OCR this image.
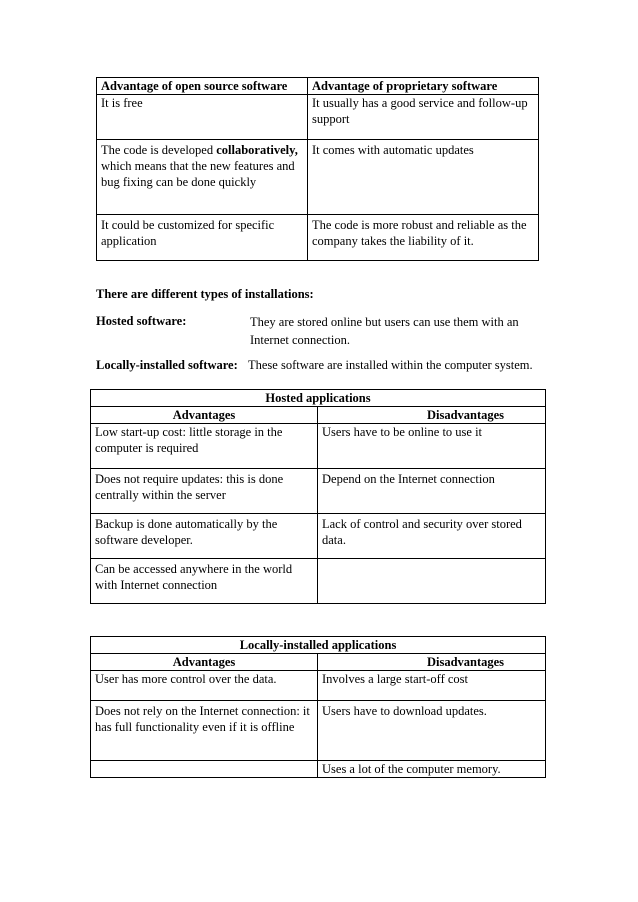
Advantage of open source software	Advantage of proprietary software
It is free	It usually has a good service and follow-up support
The code is developed collaboratively, which means that the new features and bug fixing can be done quickly	It comes with automatic updates
It could be customized for specific application	The code is more robust and reliable as the company takes the liability of it.
There are different types of installations:
Hosted software:	They are stored online but users can use them with an Internet connection.
Locally-installed software: These software are installed within the computer system.
Hosted applications	
Advantages	Disadvantages
Low start-up cost: little storage in the computer is required	Users have to be online to use it
Does not require updates: this is done centrally within the server	Depend on the Internet connection
Backup is done automatically by the software developer.	Lack of control and security over stored data.
Can be accessed anywhere in the world with Internet connection	
Locally-installed applications	
Advantages	Disadvantages
User has more control over the data.	Involves a large start-off cost
Does not rely on the Internet connection: it has full functionality even if it is offline	Users have to download updates.
	Uses a lot of the computer memory.
